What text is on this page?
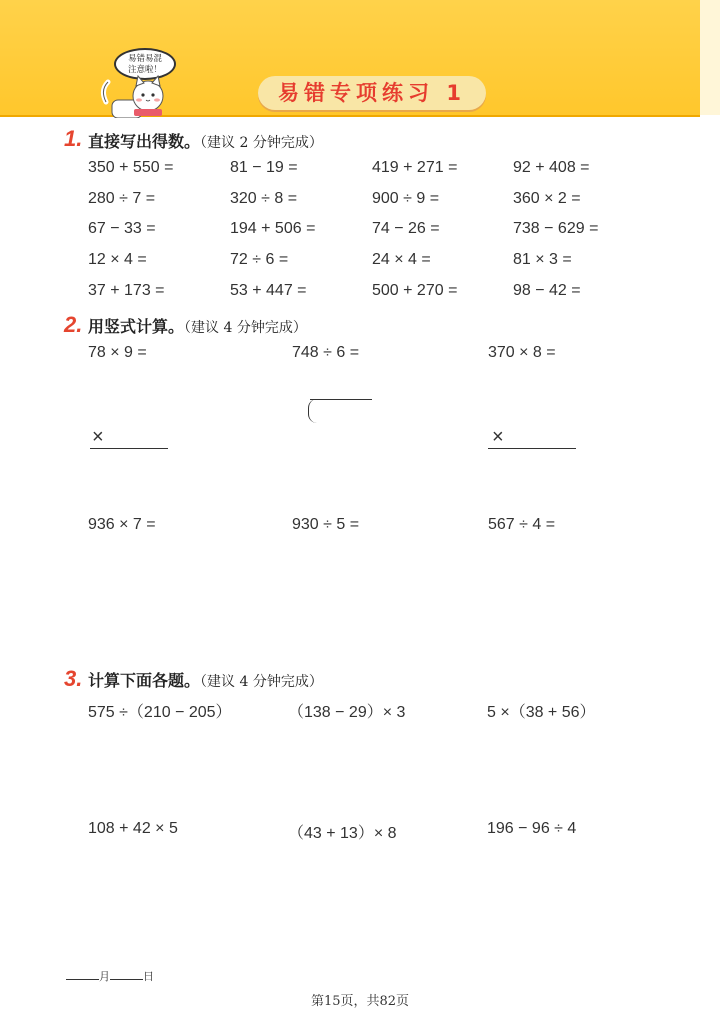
易错易混
注意啦！
易错专项练习 1
1. 直接写出得数。（建议 2 分钟完成）
350 + 550 =	81 − 19 =	419 + 271 =	92 + 408 =
280 ÷ 7 =	320 ÷ 8 =	900 ÷ 9 =	360 × 2 =
67 − 33 =	194 + 506 =	74 − 26 =	738 − 629 =
12 × 4 =	72 ÷ 6 =	24 × 4 =	81 × 3 =
37 + 173 =	53 + 447 =	500 + 270 =	98 − 42 =
2. 用竖式计算。（建议 4 分钟完成）
78 × 9 =	748 ÷ 6 =	370 × 8 =
×	×
936 × 7 =	930 ÷ 5 =	567 ÷ 4 =
3. 计算下面各题。（建议 4 分钟完成）
575 ÷（210 − 205）	（138 − 29）× 3	5 ×（38 + 56）
108 + 42 × 5	（43 + 13）× 8	196 − 96 ÷ 4
月	日
第15页，共82页
